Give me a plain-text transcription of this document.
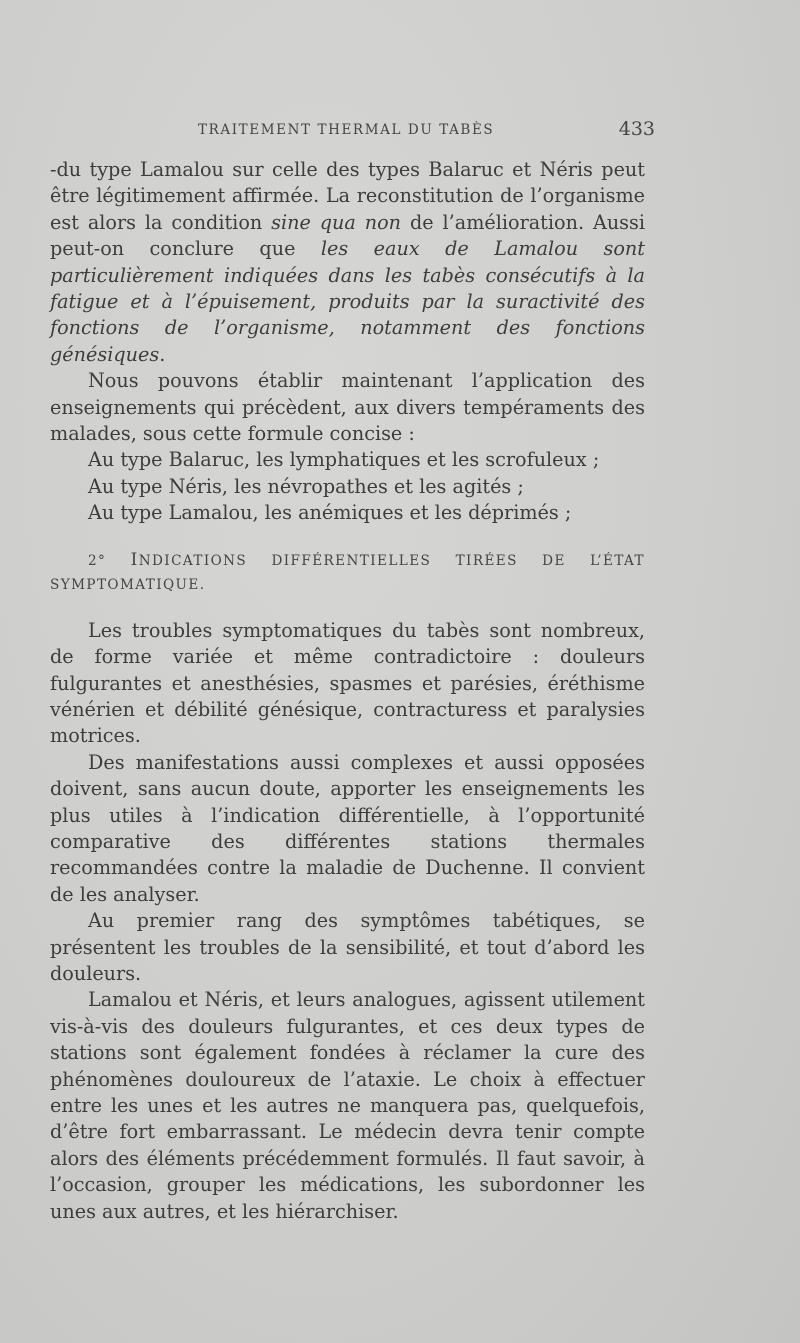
TRAITEMENT THERMAL DU TABÈS	433

-du type Lamalou sur celle des types Balaruc et Néris peut être légitimement affirmée. La reconstitution de l’organisme est alors la condition sine qua non de l’amélioration. Aussi peut-on conclure que les eaux de Lamalou sont particulièrement indiquées dans les tabès consécutifs à la fatigue et à l’épuisement, produits par la suractivité des fonctions de l’organisme, notamment des fonctions génésiques.

Nous pouvons établir maintenant l’application des enseignements qui précèdent, aux divers tempéraments des malades, sous cette formule concise :

Au type Balaruc, les lymphatiques et les scrofuleux ;

Au type Néris, les névropathes et les agités ;

Au type Lamalou, les anémiques et les déprimés ;

2° INDICATIONS DIFFÉRENTIELLES TIRÉES DE L’ÉTAT SYMPTOMATIQUE.

Les troubles symptomatiques du tabès sont nombreux, de forme variée et même contradictoire : douleurs fulgurantes et anesthésies, spasmes et parésies, éréthisme vénérien et débilité génésique, contracturess et paralysies motrices.

Des manifestations aussi complexes et aussi opposées doivent, sans aucun doute, apporter les enseignements les plus utiles à l’indication différentielle, à l’opportunité comparative des différentes stations thermales recommandées contre la maladie de Duchenne. Il convient de les analyser.

Au premier rang des symptômes tabétiques, se présentent les troubles de la sensibilité, et tout d’abord les douleurs.

Lamalou et Néris, et leurs analogues, agissent utilement vis-à-vis des douleurs fulgurantes, et ces deux types de stations sont également fondées à réclamer la cure des phénomènes douloureux de l’ataxie. Le choix à effectuer entre les unes et les autres ne manquera pas, quelquefois, d’être fort embarrassant. Le médecin devra tenir compte alors des éléments précédemment formulés. Il faut savoir, à l’occasion, grouper les médications, les subordonner les unes aux autres, et les hiérarchiser.
